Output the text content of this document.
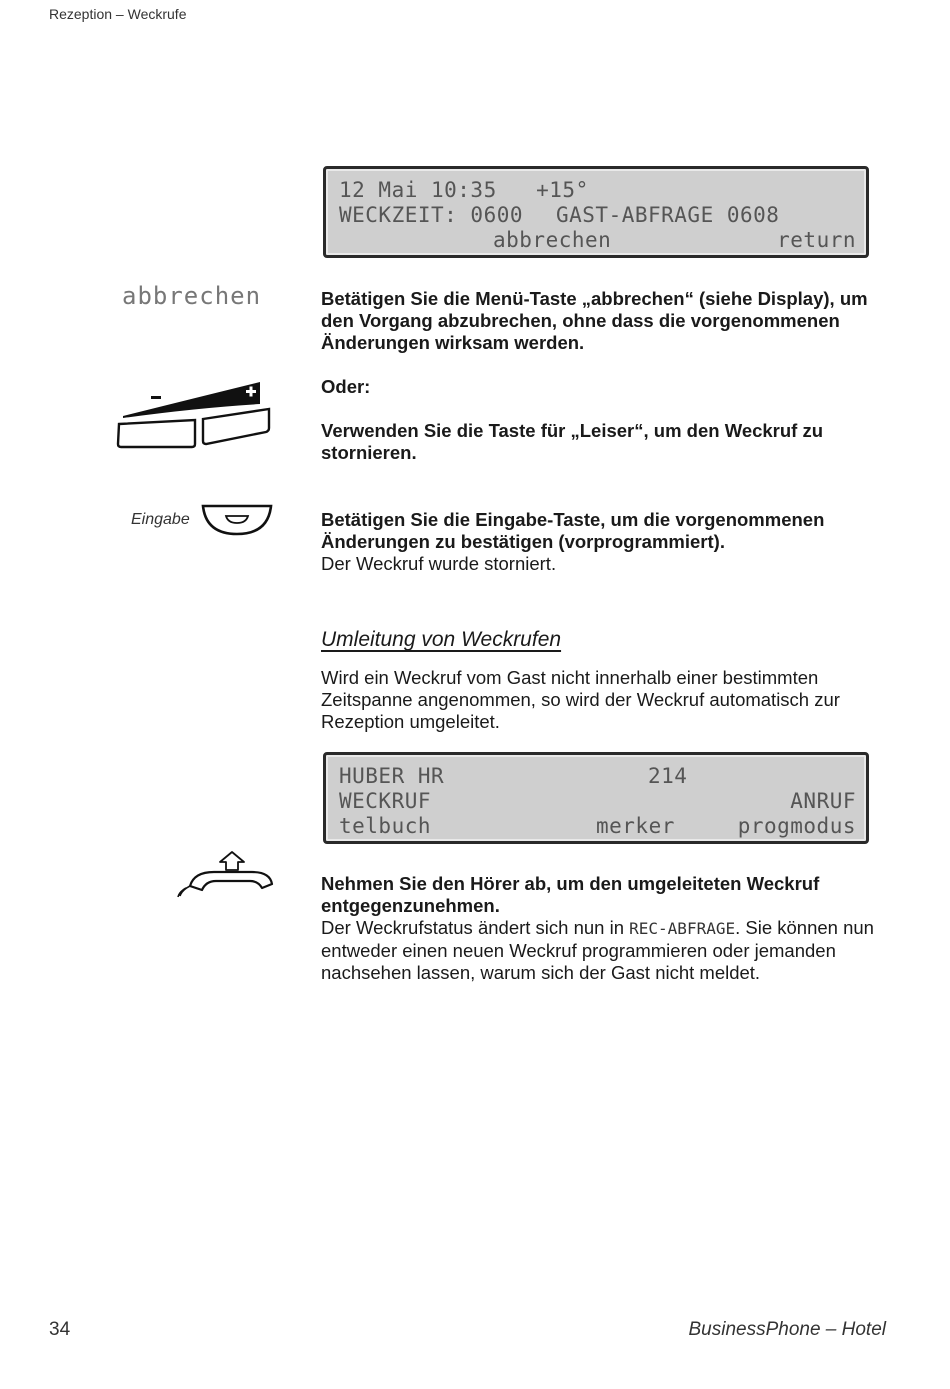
Rezeption – Weckrufe
12 Mai 10:35   +15°
WECKZEIT: 0600 GAST-ABFRAGE 0608
abbrechen	return
abbrechen	Betätigen Sie die Menü-Taste „abbrechen“ (siehe Display), um den Vorgang abzubrechen, ohne dass die vorgenommenen Änderungen wirksam werden.
Oder:
Verwenden Sie die Taste für „Leiser“, um den Weckruf zu stornieren.
Eingabe	Betätigen Sie die Eingabe-Taste, um die vorgenommenen Änderungen zu bestätigen (vorprogrammiert).
Der Weckruf wurde storniert.
Umleitung von Weckrufen
Wird ein Weckruf vom Gast nicht innerhalb einer bestimmten Zeitspanne angenommen, so wird der Weckruf automatisch zur Rezeption umgeleitet.
HUBER HR	214
WECKRUF	ANRUF
telbuch	merker	progmodus
Nehmen Sie den Hörer ab, um den umgeleiteten Weckruf entgegenzunehmen.
Der Weckrufstatus ändert sich nun in REC-ABFRAGE. Sie können nun entweder einen neuen Weckruf programmieren oder jemanden nachsehen lassen, warum sich der Gast nicht meldet.
34	BusinessPhone – Hotel
